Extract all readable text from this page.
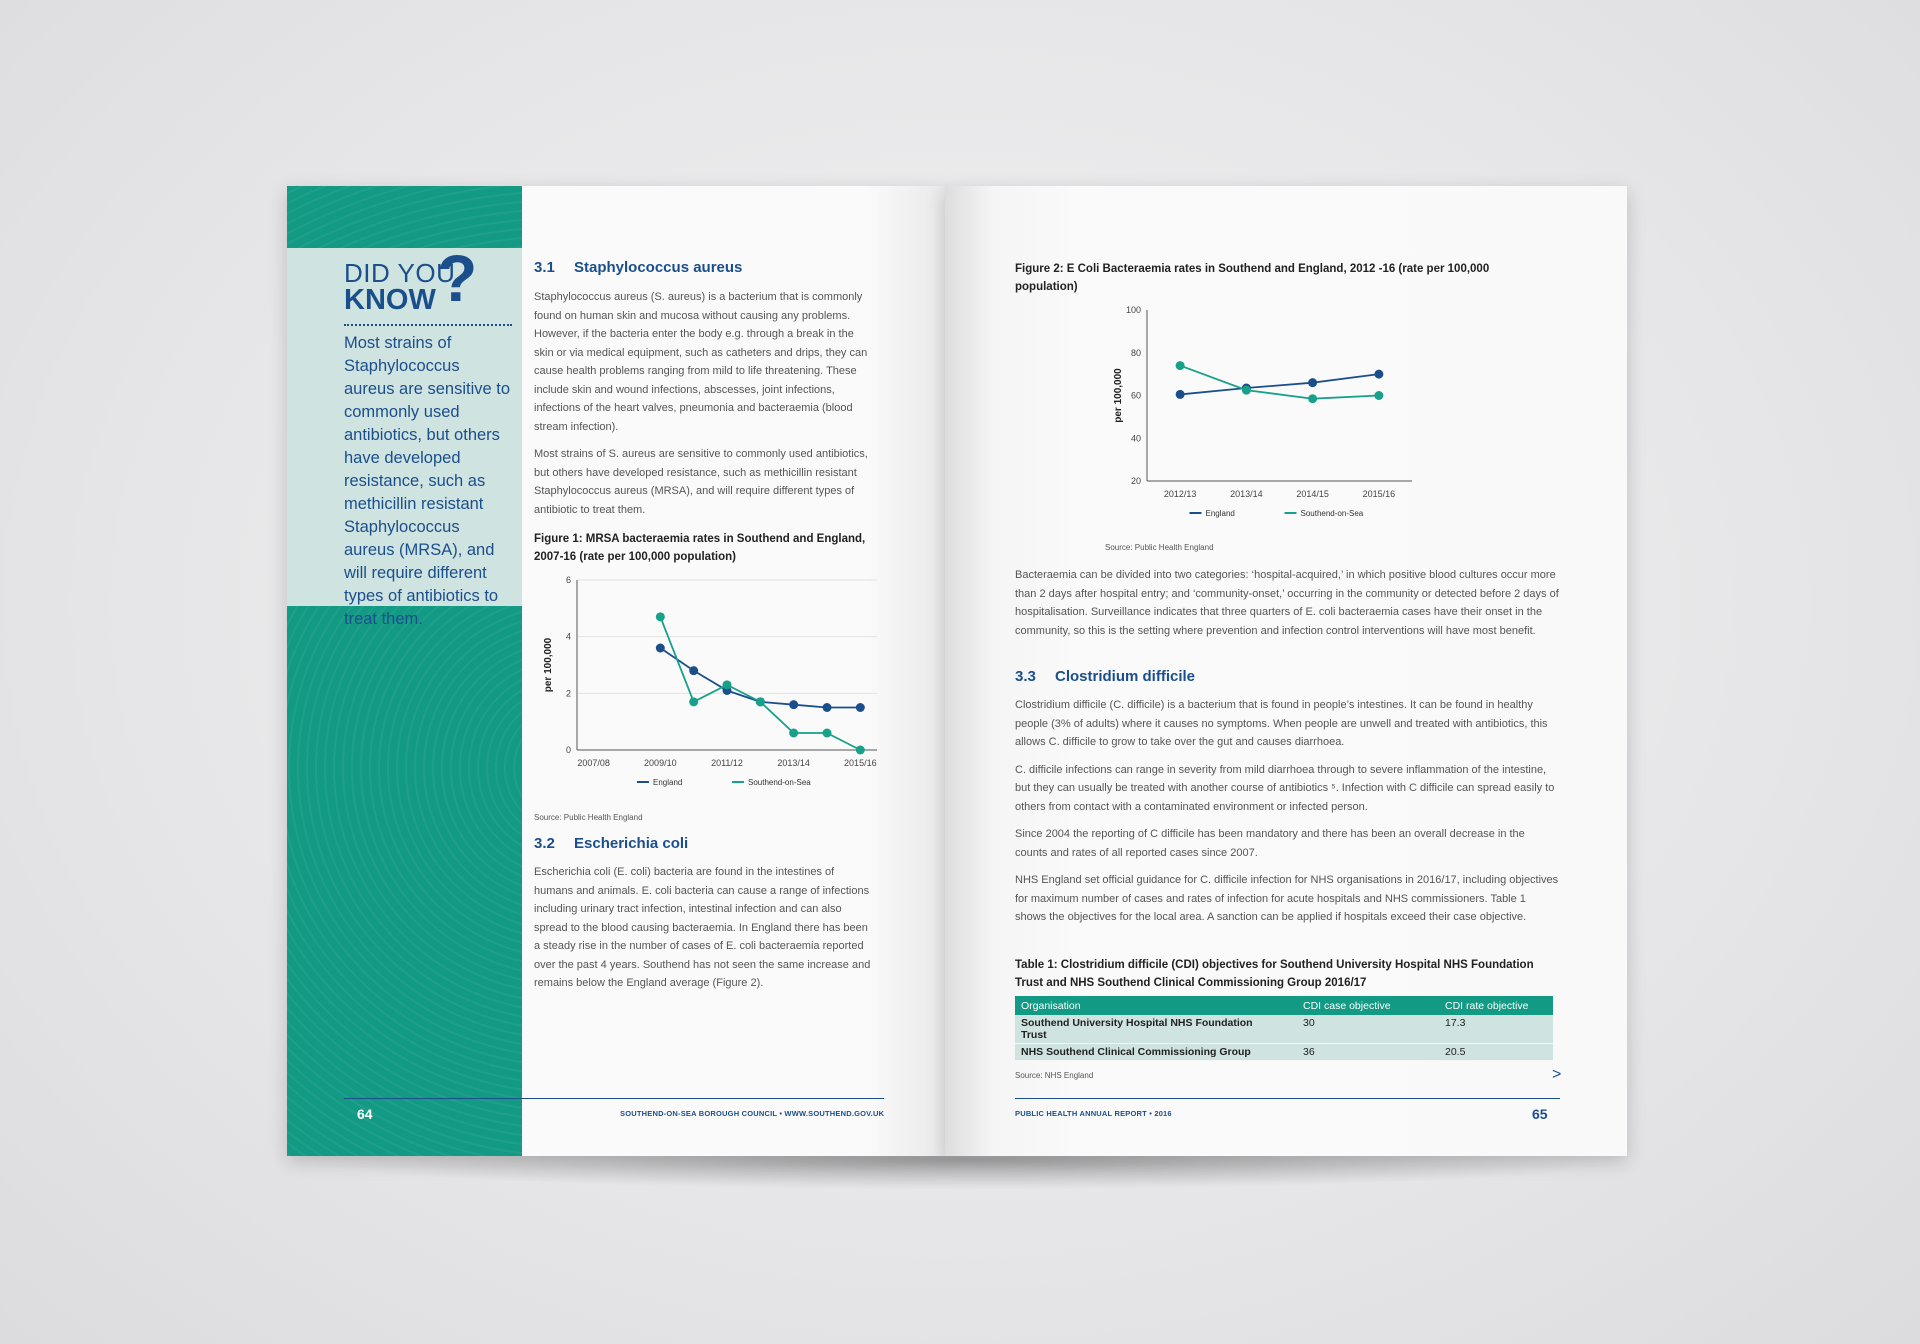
DID YOU
KNOW ?
Most strains of Staphylococcus aureus are sensitive to commonly used antibiotics, but others have developed resistance, such as methicillin resistant Staphylococcus aureus (MRSA), and will require different types of antibiotics to treat them.
3.1 Staphylococcus aureus

Staphylococcus aureus (S. aureus) is a bacterium that is commonly found on human skin and mucosa without causing any problems. However, if the bacteria enter the body e.g. through a break in the skin or via medical equipment, such as catheters and drips, they can cause health problems ranging from mild to life threatening. These include skin and wound infections, abscesses, joint infections, infections of the heart valves, pneumonia and bacteraemia (blood stream infection).

Most strains of S. aureus are sensitive to commonly used antibiotics, but others have developed resistance, such as methicillin resistant Staphylococcus aureus (MRSA), and will require different types of antibiotic to treat them.

Figure 1: MRSA bacteraemia rates in Southend and England, 2007-16 (rate per 100,000 population)
0
2
4
6
per 100,000
2007/08	2009/10	2011/12	2013/14	2015/16
England	Southend-on-Sea
Source: Public Health England
3.2 Escherichia coli

Escherichia coli (E. coli) bacteria are found in the intestines of humans and animals. E. coli bacteria can cause a range of infections including urinary tract infection, intestinal infection and can also spread to the blood causing bacteraemia. In England there has been a steady rise in the number of cases of E. coli bacteraemia reported over the past 4 years. Southend has not seen the same increase and remains below the England average (Figure 2).

64	SOUTHEND-ON-SEA BOROUGH COUNCIL • WWW.SOUTHEND.GOV.UK
Figure 2: E Coli Bacteraemia rates in Southend and England, 2012 -16 (rate per 100,000 population)
20
40
60
80
100
per 100,000
2012/13	2013/14	2014/15	2015/16
England	Southend-on-Sea
Source: Public Health England
Bacteraemia can be divided into two categories: ‘hospital-acquired,’ in which positive blood cultures occur more than 2 days after hospital entry; and ‘community-onset,’ occurring in the community or detected before 2 days of hospitalisation. Surveillance indicates that three quarters of E. coli bacteraemia cases have their onset in the community, so this is the setting where prevention and infection control interventions will have most benefit.
3.3 Clostridium difficile

Clostridium difficile (C. difficile) is a bacterium that is found in people’s intestines. It can be found in healthy people (3% of adults) where it causes no symptoms. When people are unwell and treated with antibiotics, this allows C. difficile to grow to take over the gut and causes diarrhoea.

C. difficile infections can range in severity from mild diarrhoea through to severe inflammation of the intestine, but they can usually be treated with another course of antibiotics ⁵. Infection with C difficile can spread easily to others from contact with a contaminated environment or infected person.

Since 2004 the reporting of C difficile has been mandatory and there has been an overall decrease in the counts and rates of all reported cases since 2007.

NHS England set official guidance for C. difficile infection for NHS organisations in 2016/17, including objectives for maximum number of cases and rates of infection for acute hospitals and NHS commissioners. Table 1 shows the objectives for the local area. A sanction can be applied if hospitals exceed their case objective.

Table 1: Clostridium difficile (CDI) objectives for Southend University Hospital NHS Foundation Trust and NHS Southend Clinical Commissioning Group 2016/17
Organisation	CDI case objective	CDI rate objective
Southend University Hospital NHS Foundation Trust	30	17.3
NHS Southend Clinical Commissioning Group	36	20.5
Source: NHS England	>
PUBLIC HEALTH ANNUAL REPORT • 2016	65
